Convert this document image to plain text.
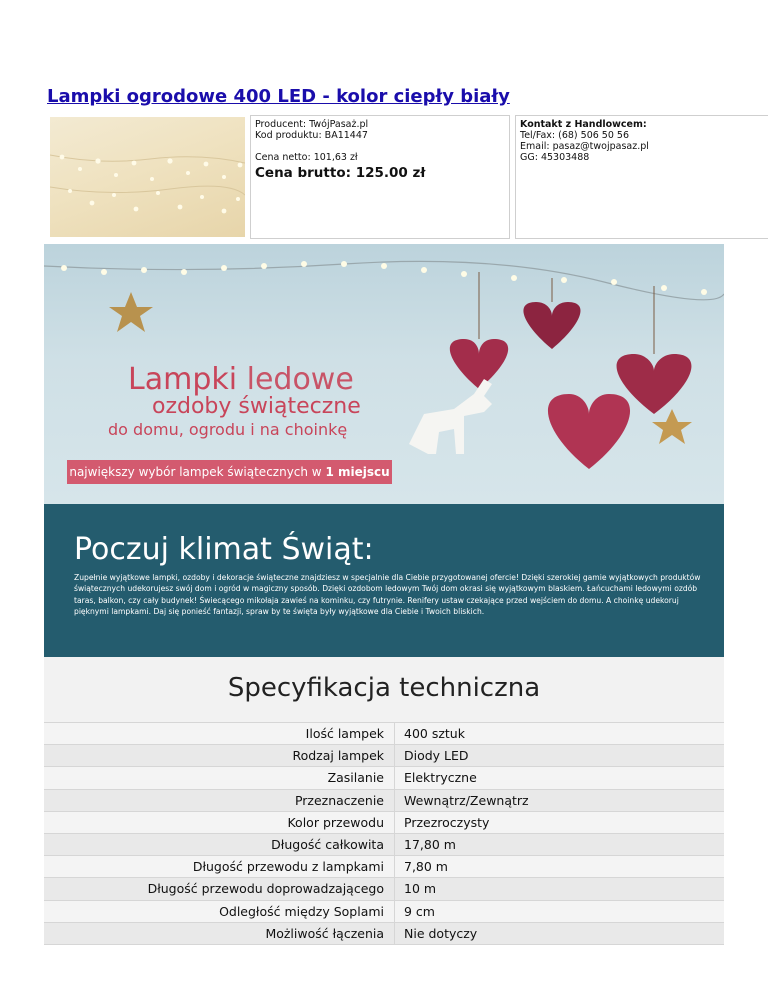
Lampki ogrodowe 400 LED - kolor ciepły biały
Producent: TwójPasaż.pl
Kod produktu: BA11447
Cena netto: 101,63 zł
Cena brutto: 125.00 zł
Kontakt z Handlowcem:
Tel/Fax: (68) 506 50 56
Email: pasaz@twojpasaz.pl
GG: 45303488
Lampki ledowe
ozdoby świąteczne
do domu, ogrodu i na choinkę
największy wybór lampek świątecznych w 1 miejscu
Poczuj klimat Świąt:
Zupełnie wyjątkowe lampki, ozdoby i dekoracje świąteczne znajdziesz w specjalnie dla Ciebie przygotowanej ofercie! Dzięki szerokiej gamie wyjątkowych produktów świątecznych udekorujesz swój dom i ogród w magiczny sposób. Dzięki ozdobom ledowym Twój dom okrasi się wyjątkowym blaskiem. Łańcuchami ledowymi ozdób taras, balkon, czy cały budynek! Świecącego mikołaja zawieś na kominku, czy futrynie. Renifery ustaw czekające przed wejściem do domu. A choinkę udekoruj pięknymi lampkami. Daj się ponieść fantazji, spraw by te święta były wyjątkowe dla Ciebie i Twoich bliskich.
Specyfikacja techniczna
Ilość lampek	400 sztuk
Rodzaj lampek	Diody LED
Zasilanie	Elektryczne
Przeznaczenie	Wewnątrz/Zewnątrz
Kolor przewodu	Przezroczysty
Długość całkowita	17,80 m
Długość przewodu z lampkami	7,80 m
Długość przewodu doprowadzającego	10 m
Odległość między Soplami	9 cm
Możliwość łączenia	Nie dotyczy
